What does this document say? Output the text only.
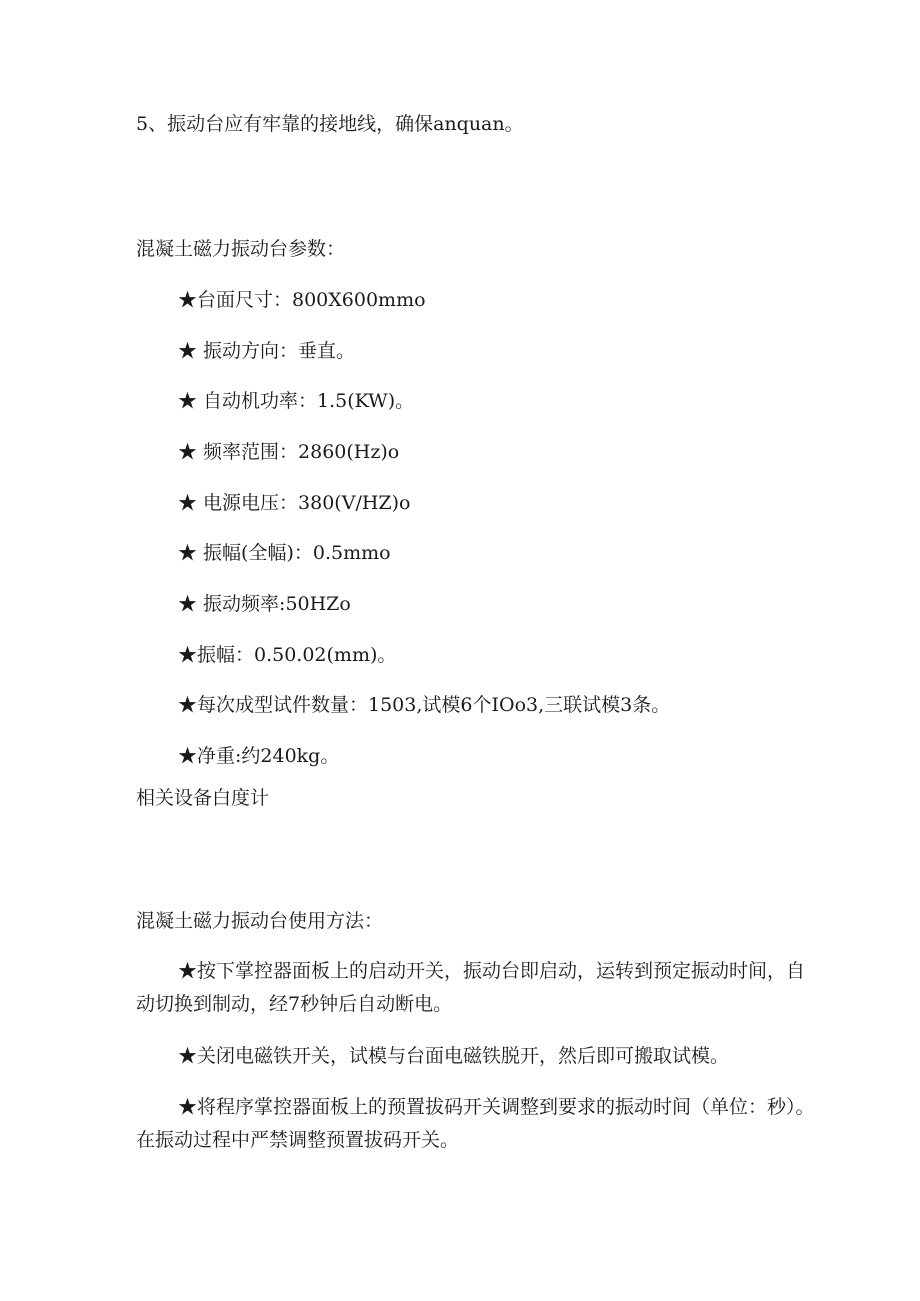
5、振动台应有牢靠的接地线，确保anquan。
混凝土磁力振动台参数：
★台面尺寸：800X600mmo
★ 振动方向：垂直。
★ 自动机功率：1.5(KW)。
★ 频率范围：2860(Hz)o
★ 电源电压：380(V/HZ)o
★ 振幅(全幅)：0.5mmo
★ 振动频率:50HZo
★振幅：0.50.02(mm)。
★每次成型试件数量：1503,试模6个IOo3,三联试模3条。
★净重:约240kg。
相关设备白度计
混凝土磁力振动台使用方法：

★按下掌控器面板上的启动开关，振动台即启动，运转到预定振动时间，自动切换到制动，经7秒钟后自动断电。

★关闭电磁铁开关，试模与台面电磁铁脱开，然后即可搬取试模。

★将程序掌控器面板上的预置拔码开关调整到要求的振动时间（单位：秒）。在振动过程中严禁调整预置拔码开关。
